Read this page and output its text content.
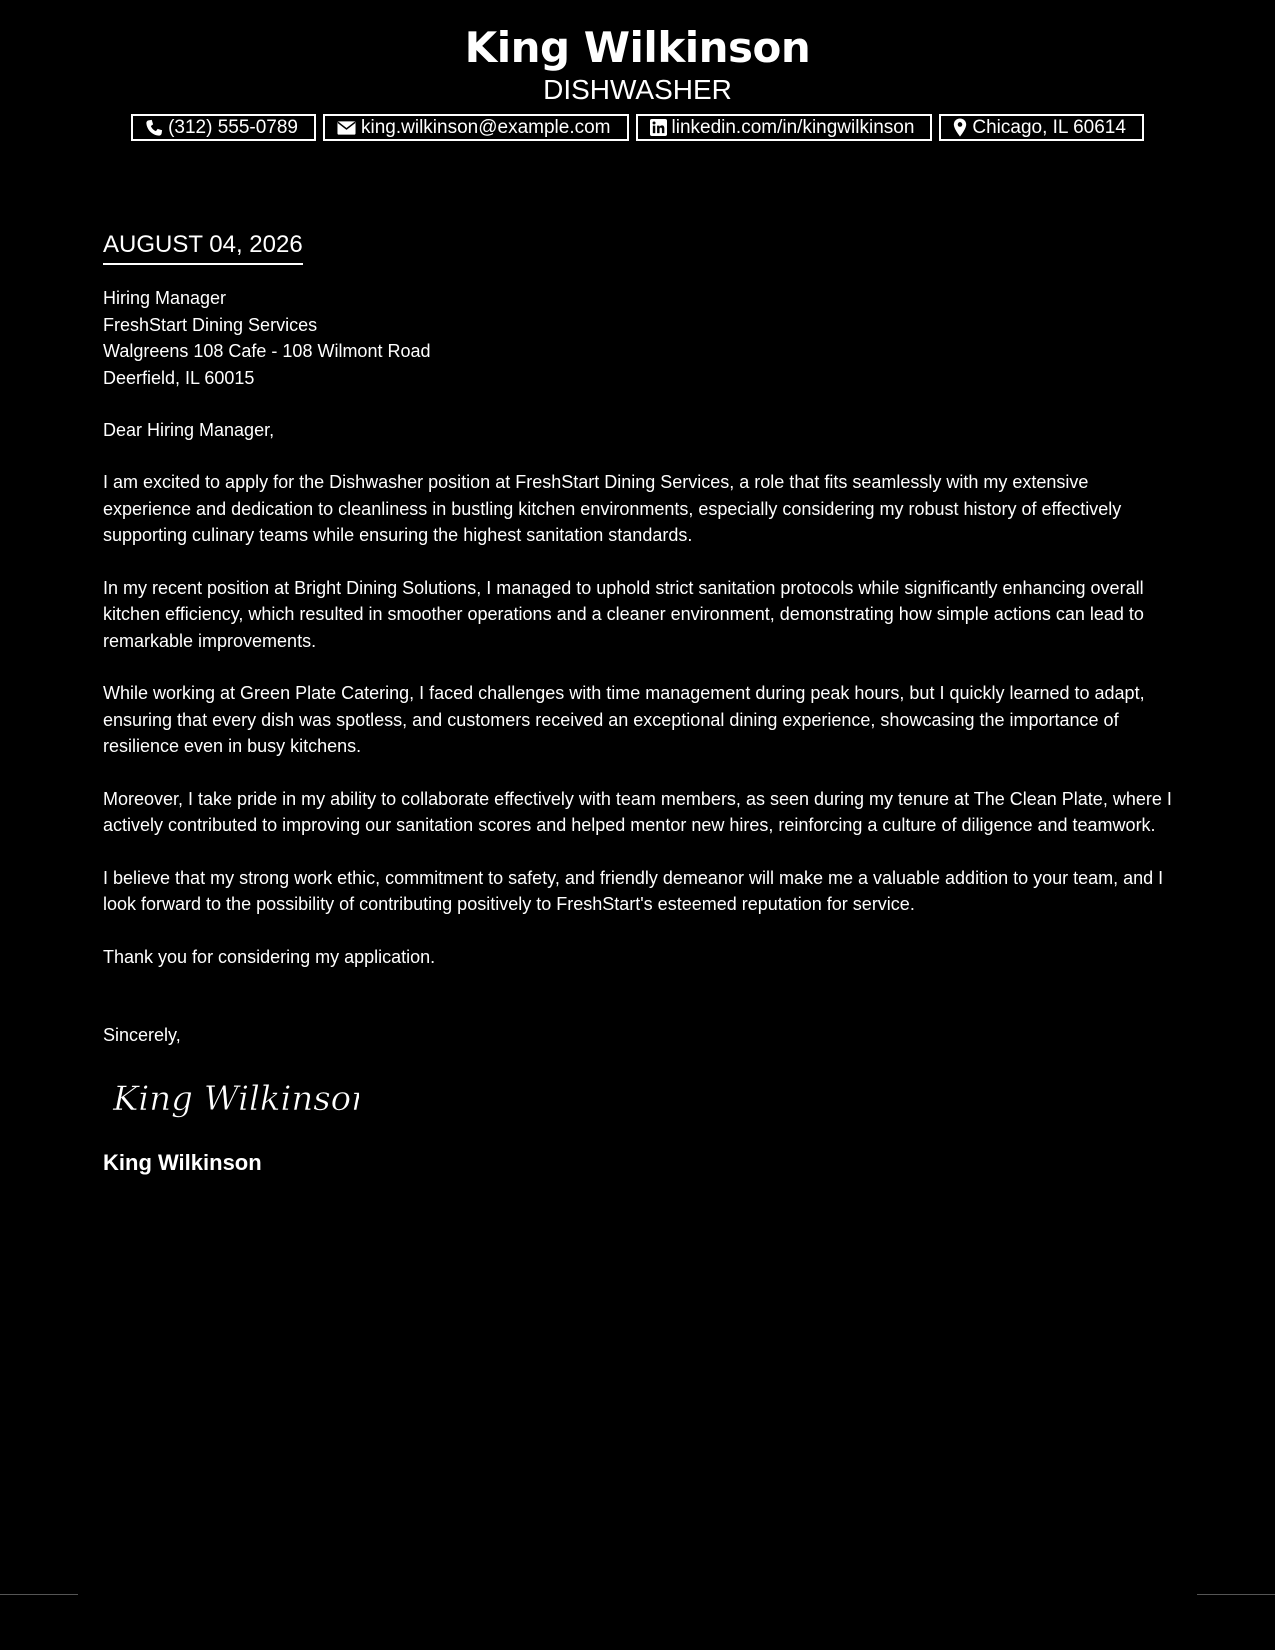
King Wilkinson
DISHWASHER
(312) 555-0789	king.wilkinson@example.com	linkedin.com/in/kingwilkinson	Chicago, IL 60614
AUGUST 04, 2026
Hiring Manager
FreshStart Dining Services
Walgreens 108 Cafe - 108 Wilmont Road
Deerfield, IL 60015
Dear Hiring Manager,
I am excited to apply for the Dishwasher position at FreshStart Dining Services, a role that fits seamlessly with my extensive experience and dedication to cleanliness in bustling kitchen environments, especially considering my robust history of effectively supporting culinary teams while ensuring the highest sanitation standards.
In my recent position at Bright Dining Solutions, I managed to uphold strict sanitation protocols while significantly enhancing overall kitchen efficiency, which resulted in smoother operations and a cleaner environment, demonstrating how simple actions can lead to remarkable improvements.
While working at Green Plate Catering, I faced challenges with time management during peak hours, but I quickly learned to adapt, ensuring that every dish was spotless, and customers received an exceptional dining experience, showcasing the importance of resilience even in busy kitchens.
Moreover, I take pride in my ability to collaborate effectively with team members, as seen during my tenure at The Clean Plate, where I actively contributed to improving our sanitation scores and helped mentor new hires, reinforcing a culture of diligence and teamwork.
I believe that my strong work ethic, commitment to safety, and friendly demeanor will make me a valuable addition to your team, and I look forward to the possibility of contributing positively to FreshStart's esteemed reputation for service.
Thank you for considering my application.
Sincerely,
King Wilkinson
King Wilkinson
